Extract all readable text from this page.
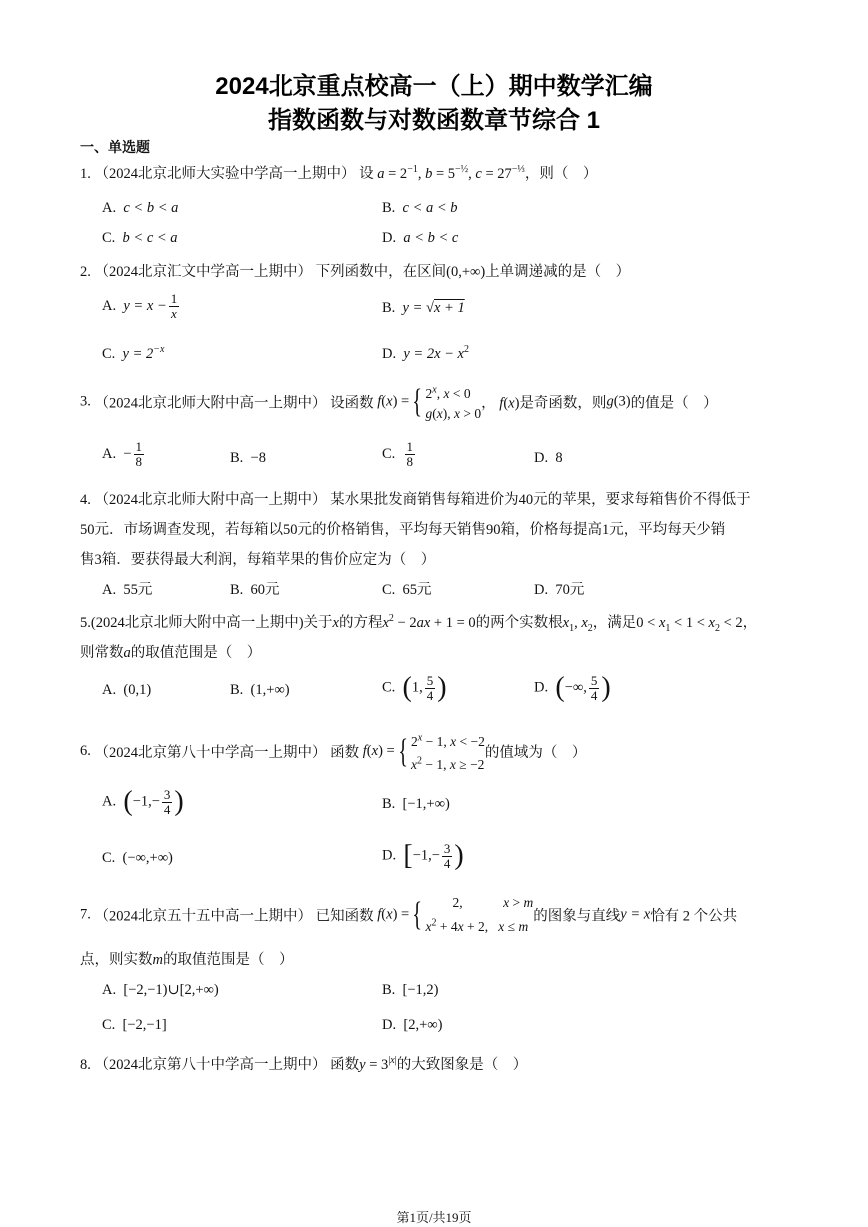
2024北京重点校高一（上）期中数学汇编
指数函数与对数函数章节综合 1
一、单选题
1. （2024北京北师大实验中学高一上期中） 设 $a = 2^{-1}$, $b = 5^{-\frac{1}{2}}$, $c = 27^{-\frac{1}{3}}$，则（　）
A.  c < b < a	B.  c < a < b
C.  b < c < a	D.  a < b < c
2. （2024北京汇文中学高一上期中） 下列函数中，在区间(0,+∞)上单调递减的是（　）
A.  $y = x - \frac{1}{x}$	B.  y = √x + 1
C.  $y = 2^{-x}$	D.  $y = 2x - x^2$
3. （2024北京北师大附中高一上期中） 设函数 f(x) ={ 2$^x$, x < 0
g(x), x > 0， f(x)是奇函数，则g(3)的值是（　）
A.  − $\frac{1}{8}$	B.  −8	C. $\frac{1}{8}$	D.  8
4. （2024北京北师大附中高一上期中） 某水果批发商销售每箱进价为40元的苹果，要求每箱售价不得低于
50元．市场调查发现，若每箱以50元的价格销售，平均每天销售90箱，价格每提高1元，平均每天少销
售3箱．要获得最大利润，每箱苹果的售价应定为（　）
A.  55元	B.  60元	C.  65元	D.  70元
5.(2024北京北师大附中高一上期中)关于x的方程$x^2 - 2ax + 1 = 0$的两个实数根$x_1$, $x_2$，满足$0 < x_1 < 1 < x_2 < 2$，
则常数a的取值范围是（　）
A.  (0,1)	B.  (1,+∞)	C.  (1, $\frac{5}{4}$ )	D.  (−∞, $\frac{5}{4}$ )
6. （2024北京第八十中学高一上期中） 函数 f(x) ={ $2^x - 1$, x < −2
$x^2 - 1$, x ≥ −2的值域为（　）
A.  ($-1,- \frac{3}{4}$ )	B.  [−1,+∞)
C.  (−∞,+∞)	D.  [$-1,- \frac{3}{4}$ )
7. （2024北京五十五中高一上期中） 已知函数 f(x) ={        2,            x > m
$x^2 + 4x + 2$,   x ≤ m的图象与直线y = x恰有 2 个公共
点，则实数m的取值范围是（　）
A.  [−2,−1)∪[2,+∞)	B.  [−1,2)
C.  [−2,−1]	D.  [2,+∞)
8. （2024北京第八十中学高一上期中） 函数$y = 3^{|x|}$的大致图象是（　）
第1页/共19页
